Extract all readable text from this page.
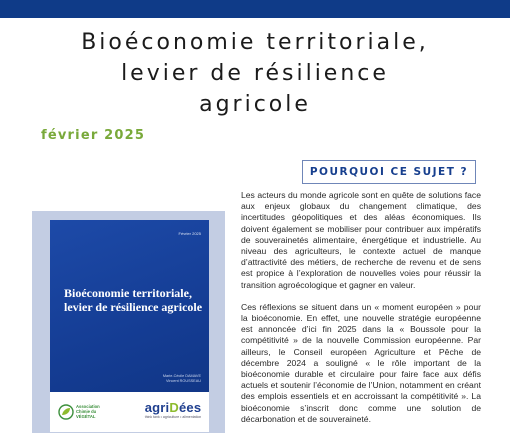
Bioéconomie territoriale,
levier de résilience
agricole
février 2025
POURQUOI CE SUJET ?
Février 2025
Bioéconomie territoriale,
levier de résilience agricole
Marie-Cécile DAMAVE
Vincent ROUSSEAU
Association
Chimie du
VÉGÉTAL
agriDées
think tank • agriculture • alimentation

Les acteurs du monde agricole sont en quête de solutions face aux enjeux globaux du changement climatique, des incertitudes géopolitiques et des aléas économiques. Ils doivent également se mobiliser pour contribuer aux impératifs de souverainetés alimentaire, énergétique et industrielle. Au niveau des agriculteurs, le contexte actuel de manque d’attractivité des métiers, de recherche de revenu et de sens est propice à l’exploration de nouvelles voies pour réussir la transition agroécologique et gagner en valeur.

Ces réflexions se situent dans un « moment européen » pour la bioéconomie. En effet, une nouvelle stratégie européenne est annoncée d’ici fin 2025 dans la « Boussole pour la compétitivité » de la nouvelle Commission européenne. Par ailleurs, le Conseil européen Agriculture et Pêche de décembre 2024 a souligné « le rôle important de la bioéconomie durable et circulaire pour faire face aux défis actuels et soutenir l’économie de l’Union, notamment en créant des emplois essentiels et en accroissant la compétitivité ». La bioéconomie s’inscrit donc comme une solution de décarbonation et de souveraineté.
